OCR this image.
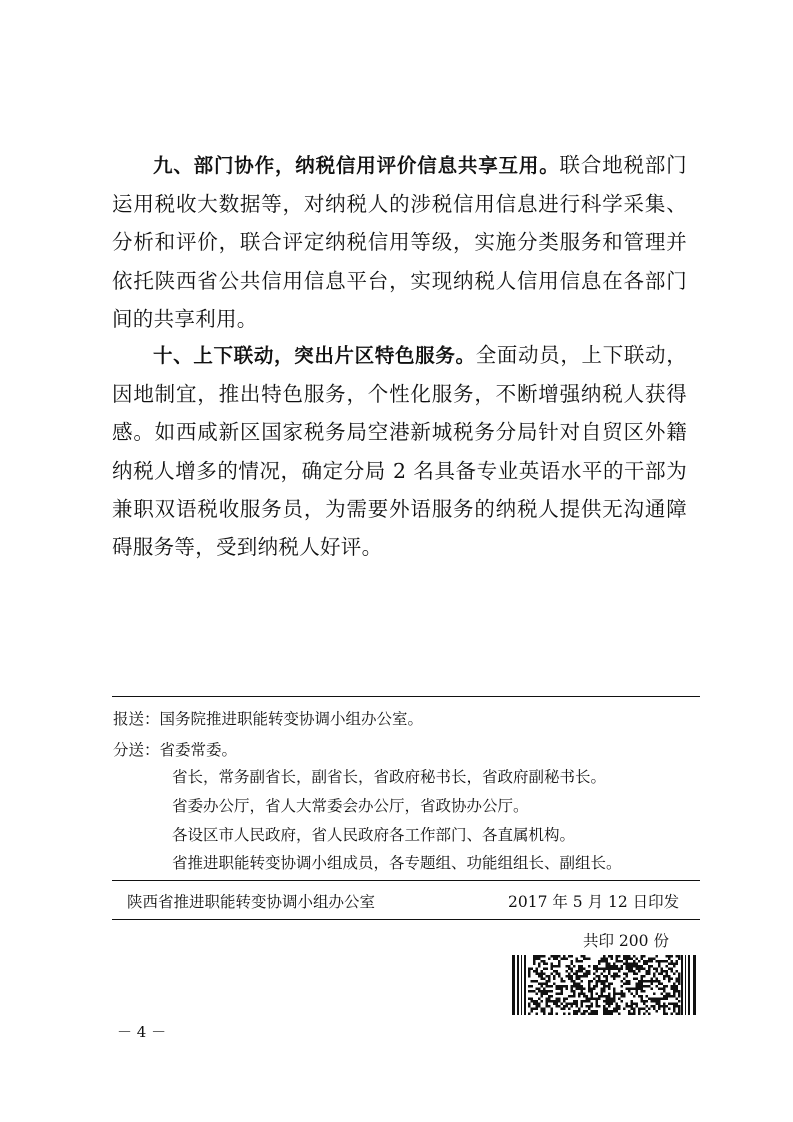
九、部门协作，纳税信用评价信息共享互用。联合地税部门运用税收大数据等，对纳税人的涉税信用信息进行科学采集、分析和评价，联合评定纳税信用等级，实施分类服务和管理并依托陕西省公共信用信息平台，实现纳税人信用信息在各部门间的共享利用。

十、上下联动，突出片区特色服务。全面动员，上下联动，因地制宜，推出特色服务，个性化服务，不断增强纳税人获得感。如西咸新区国家税务局空港新城税务分局针对自贸区外籍纳税人增多的情况，确定分局 2 名具备专业英语水平的干部为兼职双语税收服务员，为需要外语服务的纳税人提供无沟通障碍服务等，受到纳税人好评。

报送：国务院推进职能转变协调小组办公室。
分送：省委常委。
省长，常务副省长，副省长，省政府秘书长，省政府副秘书长。
省委办公厅，省人大常委会办公厅，省政协办公厅。
各设区市人民政府，省人民政府各工作部门、各直属机构。
省推进职能转变协调小组成员，各专题组、功能组组长、副组长。
陕西省推进职能转变协调小组办公室	2017 年 5 月 12 日印发
共印 200 份
－ 4 －
